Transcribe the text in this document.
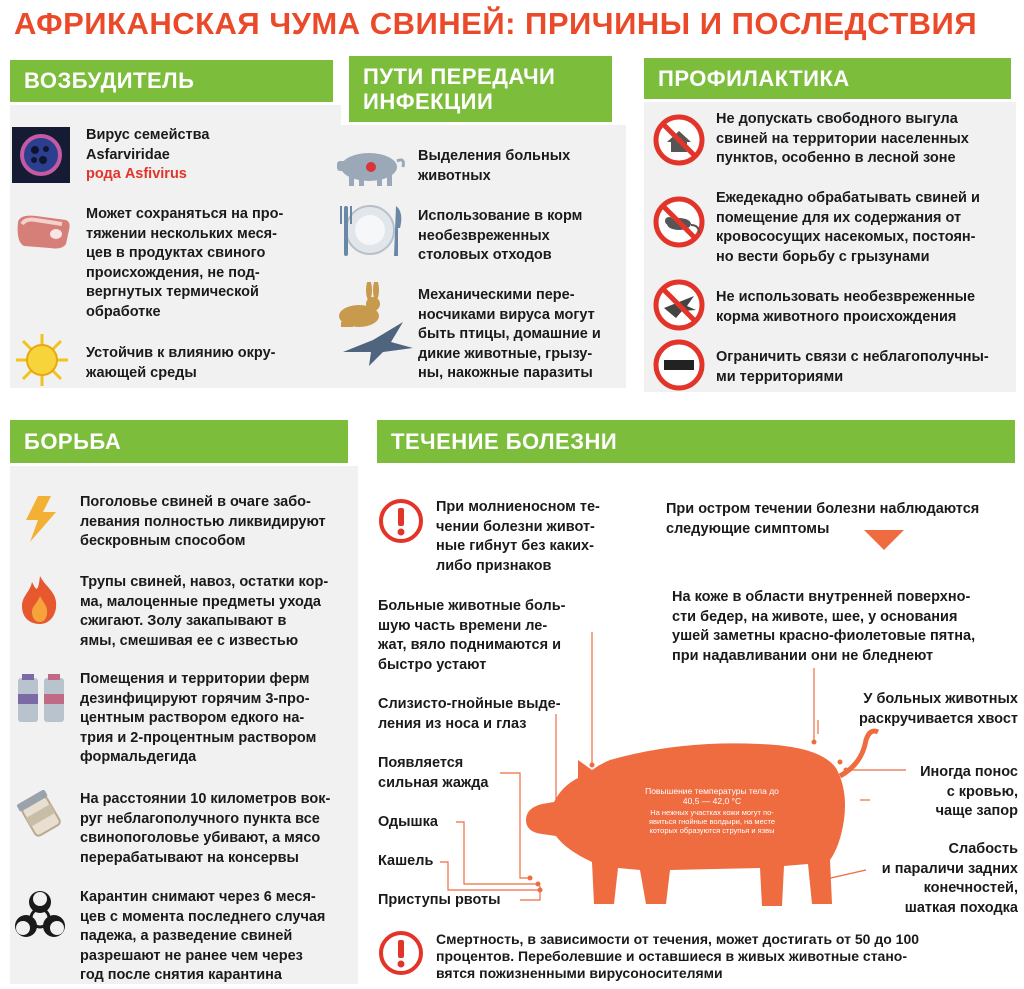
АФРИКАНСКАЯ ЧУМА СВИНЕЙ: ПРИЧИНЫ И ПОСЛЕДСТВИЯ
ВОЗБУДИТЕЛЬ
Вирус семейства
Asfarviridae
рода Asfivirus
Может сохраняться на про-
тяжении нескольких меся-
цев в продуктах свиного
происхождения, не под-
вергнутых термической
обработке
Устойчив к влиянию окру-
жающей среды
ПУТИ ПЕРЕДАЧИ ИНФЕКЦИИ
Выделения больных
животных
Использование в корм
необезвреженных
столовых отходов
Механическими пере-
носчиками вируса могут
быть птицы, домашние и
дикие животные, грызу-
ны, накожные паразиты
ПРОФИЛАКТИКА
Не допускать свободного выгула
свиней на территории населенных
пунктов, особенно в лесной зоне
Ежедекадно обрабатывать свиней и
помещение для их содержания от
кровососущих насекомых, постоян-
но вести борьбу с грызунами
Не использовать необезвреженные
корма животного происхождения
Ограничить связи с неблагополучны-
ми территориями
БОРЬБА
Поголовье свиней в очаге забо-
левания полностью ликвидируют
бескровным способом
Трупы свиней, навоз, остатки кор-
ма, малоценные предметы ухода
сжигают. Золу закапывают в
ямы, смешивая ее с известью
Помещения и территории ферм
дезинфицируют горячим 3-про-
центным раствором едкого на-
трия и 2-процентным раствором
формальдегида
На расстоянии 10 километров вок-
руг неблагополучного пункта все
свинопоголовье убивают, а мясо
перерабатывают на консервы
Карантин снимают через 6 меся-
цев с момента последнего случая
падежа, а разведение свиней
разрешают не ранее чем через
год после снятия карантина
ТЕЧЕНИЕ БОЛЕЗНИ
При молниеносном те-
чении болезни живот-
ные гибнут без каких-
либо признаков
При остром течении болезни наблюдаются
следующие симптомы
Повышение температуры тела до
40,5 — 42,0 °С
На нежных участках кожи могут по-
явиться гнойные волдыри, на месте
которых образуются струпья и язвы
Больные животные боль-
шую часть времени ле-
жат, вяло поднимаются и
быстро устают
Слизисто-гнойные выде-
ления из носа и глаз
Появляется
сильная жажда
Одышка
Кашель
Приступы рвоты
На коже в области внутренней поверхно-
сти бедер, на животе, шее, у основания
ушей заметны красно-фиолетовые пятна,
при надавливании они не бледнеют
У больных животных
раскручивается хвост
Иногда понос
с кровью,
чаще запор
Слабость
и параличи задних
конечностей,
шаткая походка
Смертность, в зависимости от течения, может достигать от 50 до 100
процентов. Переболевшие и оставшиеся в живых животные стано-
вятся пожизненными вирусоносителями
